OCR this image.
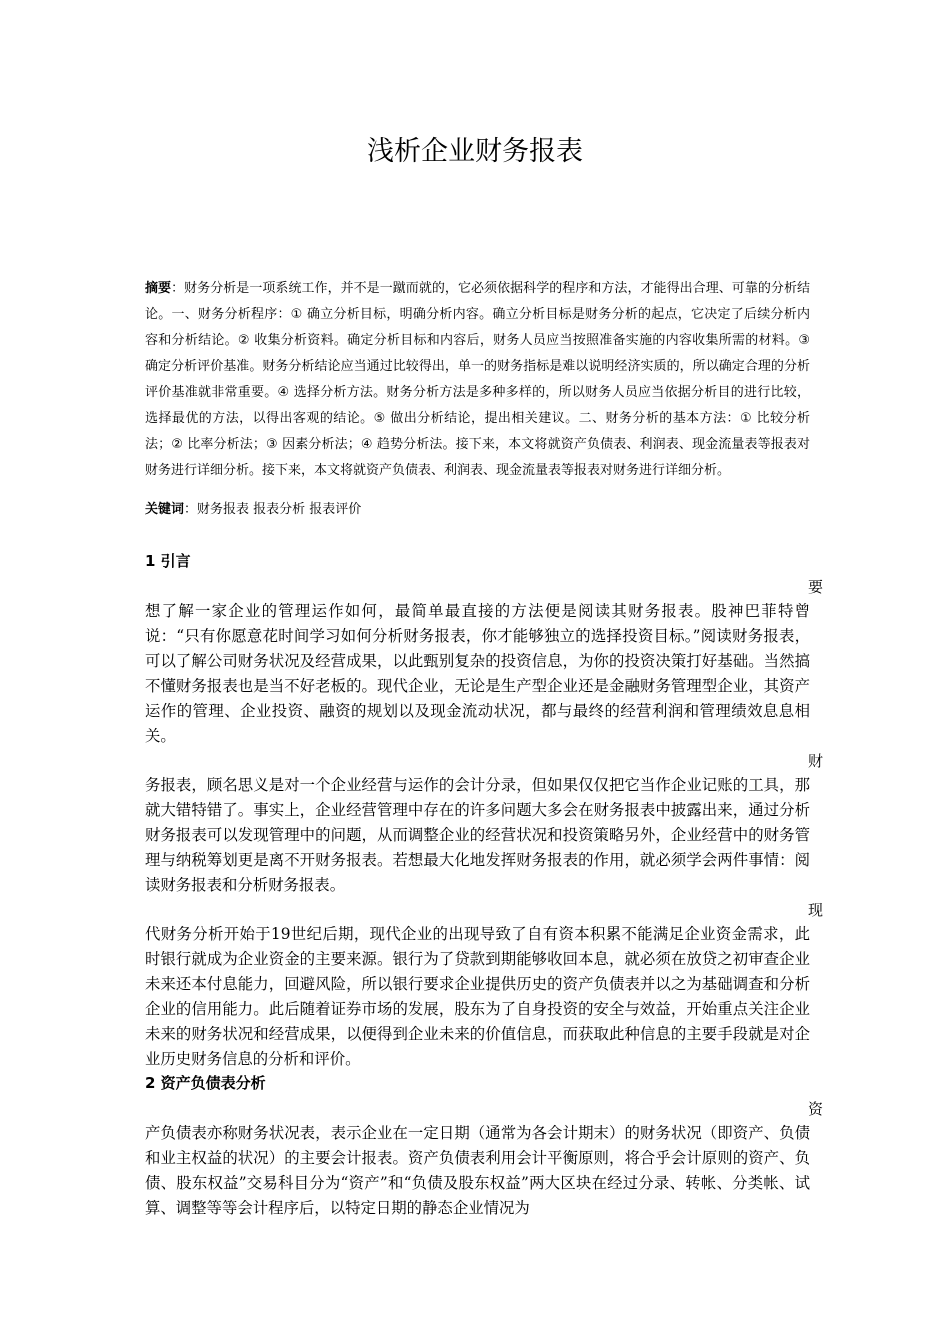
浅析企业财务报表
摘要：财务分析是一项系统工作，并不是一蹴而就的，它必须依据科学的程序和方法，才能得出合理、可靠的分析结论。一、财务分析程序：① 确立分析目标，明确分析内容。确立分析目标是财务分析的起点，它决定了后续分析内容和分析结论。② 收集分析资料。确定分析目标和内容后，财务人员应当按照准备实施的内容收集所需的材料。③ 确定分析评价基准。财务分析结论应当通过比较得出，单一的财务指标是难以说明经济实质的，所以确定合理的分析评价基准就非常重要。④ 选择分析方法。财务分析方法是多种多样的，所以财务人员应当依据分析目的进行比较，选择最优的方法，以得出客观的结论。⑤ 做出分析结论，提出相关建议。二、财务分析的基本方法：① 比较分析法；② 比率分析法；③ 因素分析法；④ 趋势分析法。接下来，本文将就资产负债表、利润表、现金流量表等报表对财务进行详细分析。接下来，本文将就资产负债表、利润表、现金流量表等报表对财务进行详细分析。
关键词：财务报表 报表分析 报表评价
1 引言
要
想了解一家企业的管理运作如何，最简单最直接的方法便是阅读其财务报表。股神巴菲特曾说：“只有你愿意花时间学习如何分析财务报表，你才能够独立的选择投资目标。”阅读财务报表，可以了解公司财务状况及经营成果，以此甄别复杂的投资信息，为你的投资决策打好基础。当然搞不懂财务报表也是当不好老板的。现代企业，无论是生产型企业还是金融财务管理型企业，其资产运作的管理、企业投资、融资的规划以及现金流动状况，都与最终的经营利润和管理绩效息息相关。
财
务报表，顾名思义是对一个企业经营与运作的会计分录，但如果仅仅把它当作企业记账的工具，那就大错特错了。事实上，企业经营管理中存在的许多问题大多会在财务报表中披露出来，通过分析财务报表可以发现管理中的问题，从而调整企业的经营状况和投资策略另外，企业经营中的财务管理与纳税筹划更是离不开财务报表。若想最大化地发挥财务报表的作用，就必须学会两件事情：阅读财务报表和分析财务报表。
现
代财务分析开始于19世纪后期，现代企业的出现导致了自有资本积累不能满足企业资金需求，此时银行就成为企业资金的主要来源。银行为了贷款到期能够收回本息，就必须在放贷之初审查企业未来还本付息能力，回避风险，所以银行要求企业提供历史的资产负债表并以之为基础调查和分析企业的信用能力。此后随着证券市场的发展，股东为了自身投资的安全与效益，开始重点关注企业未来的财务状况和经营成果，以便得到企业未来的价值信息，而获取此种信息的主要手段就是对企业历史财务信息的分析和评价。
2 资产负债表分析
资
产负债表亦称财务状况表，表示企业在一定日期（通常为各会计期末）的财务状况（即资产、负债和业主权益的状况）的主要会计报表。资产负债表利用会计平衡原则，将合乎会计原则的资产、负债、股东权益”交易科目分为“资产”和“负债及股东权益”两大区块在经过分录、转帐、分类帐、试算、调整等等会计程序后，以特定日期的静态企业情况为
